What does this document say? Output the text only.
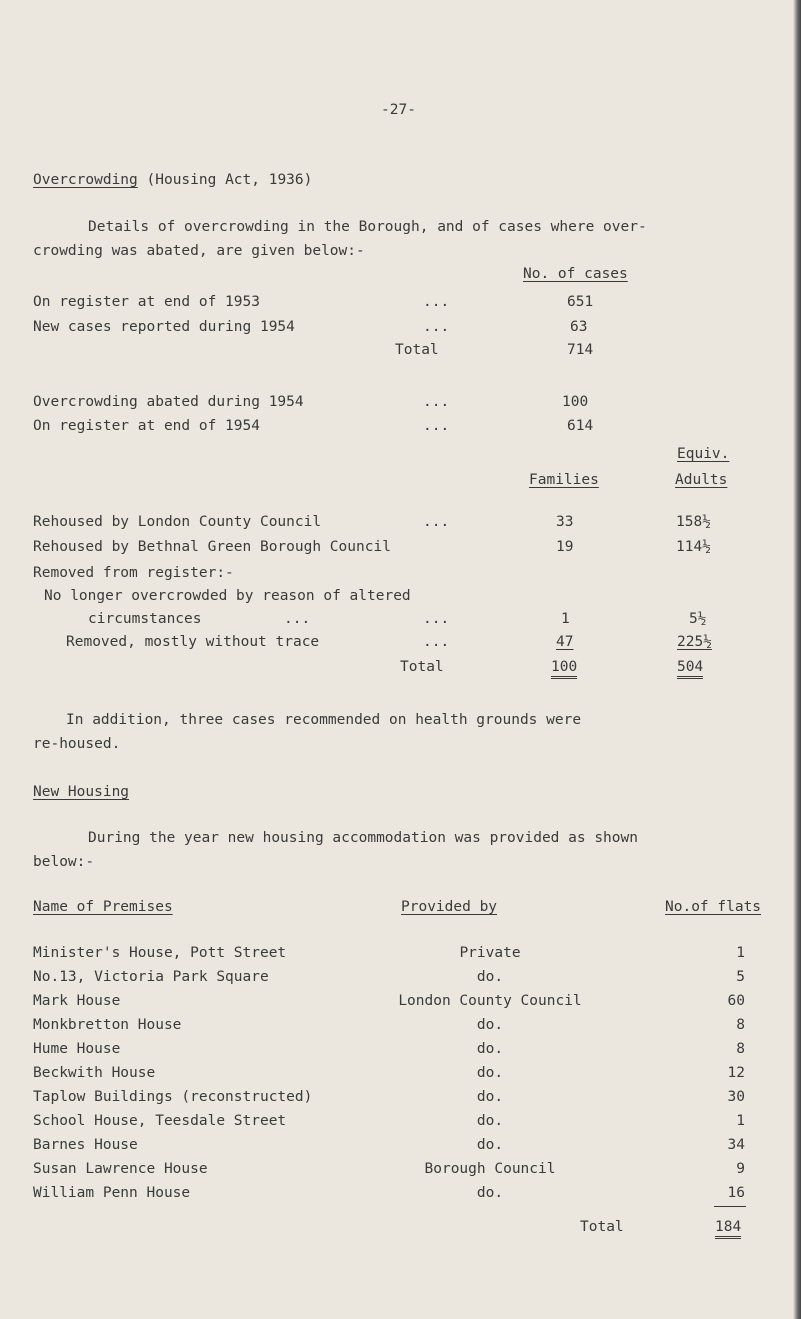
-27-
Overcrowding (Housing Act, 1936)
Details of overcrowding in the Borough, and of cases where over-
crowding was abated, are given below:-
No. of cases
On register at end of 1953	...	651
New cases reported during 1954	...	63
Total	714
Overcrowding abated during 1954	...	100
On register at end of 1954	...	614
Equiv.
Families	Adults
Rehoused by London County Council	...	33	158½
Rehoused by Bethnal Green Borough Council	19	114½
Removed from register:-
No longer overcrowded by reason of altered
circumstances	...	...	1	5½
Removed, mostly without trace	...	47	225½
Total	100	504
In addition, three cases recommended on health grounds were
re-housed.
New Housing
During the year new housing accommodation was provided as shown
below:-
Name of Premises	Provided by	No.of flats
Minister's House, Pott Street	Private	1
No.13, Victoria Park Square	do.	5
Mark House	London County Council	60
Monkbretton House	do.	8
Hume House	do.	8
Beckwith House	do.	12
Taplow Buildings (reconstructed)	do.	30
School House, Teesdale Street	do.	1
Barnes House	do.	34
Susan Lawrence House	Borough Council	9
William Penn House	do.	16
Total	184
